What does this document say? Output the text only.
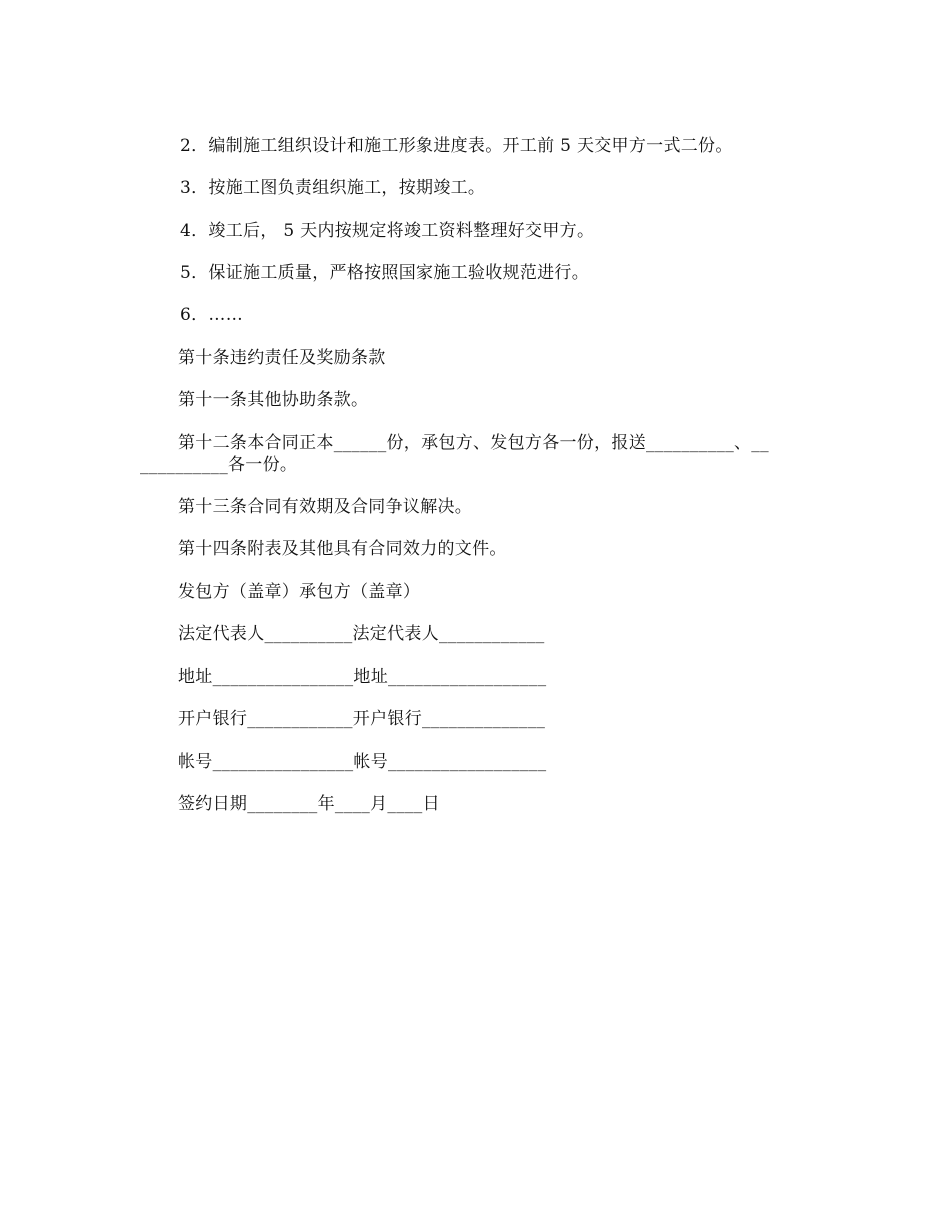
2．编制施工组织设计和施工形象进度表。开工前 5 天交甲方一式二份。
3．按施工图负责组织施工，按期竣工。
4．竣工后， 5 天内按规定将竣工资料整理好交甲方。
5．保证施工质量，严格按照国家施工验收规范进行。
6．……
第十条违约责任及奖励条款
第十一条其他协助条款。
第十二条本合同正本______份，承包方、发包方各一份，报送__________、__
__________各一份。
第十三条合同有效期及合同争议解决。
第十四条附表及其他具有合同效力的文件。
发包方（盖章）承包方（盖章）
法定代表人__________法定代表人____________
地址________________地址__________________
开户银行____________开户银行______________
帐号________________帐号__________________
签约日期________年____月____日
